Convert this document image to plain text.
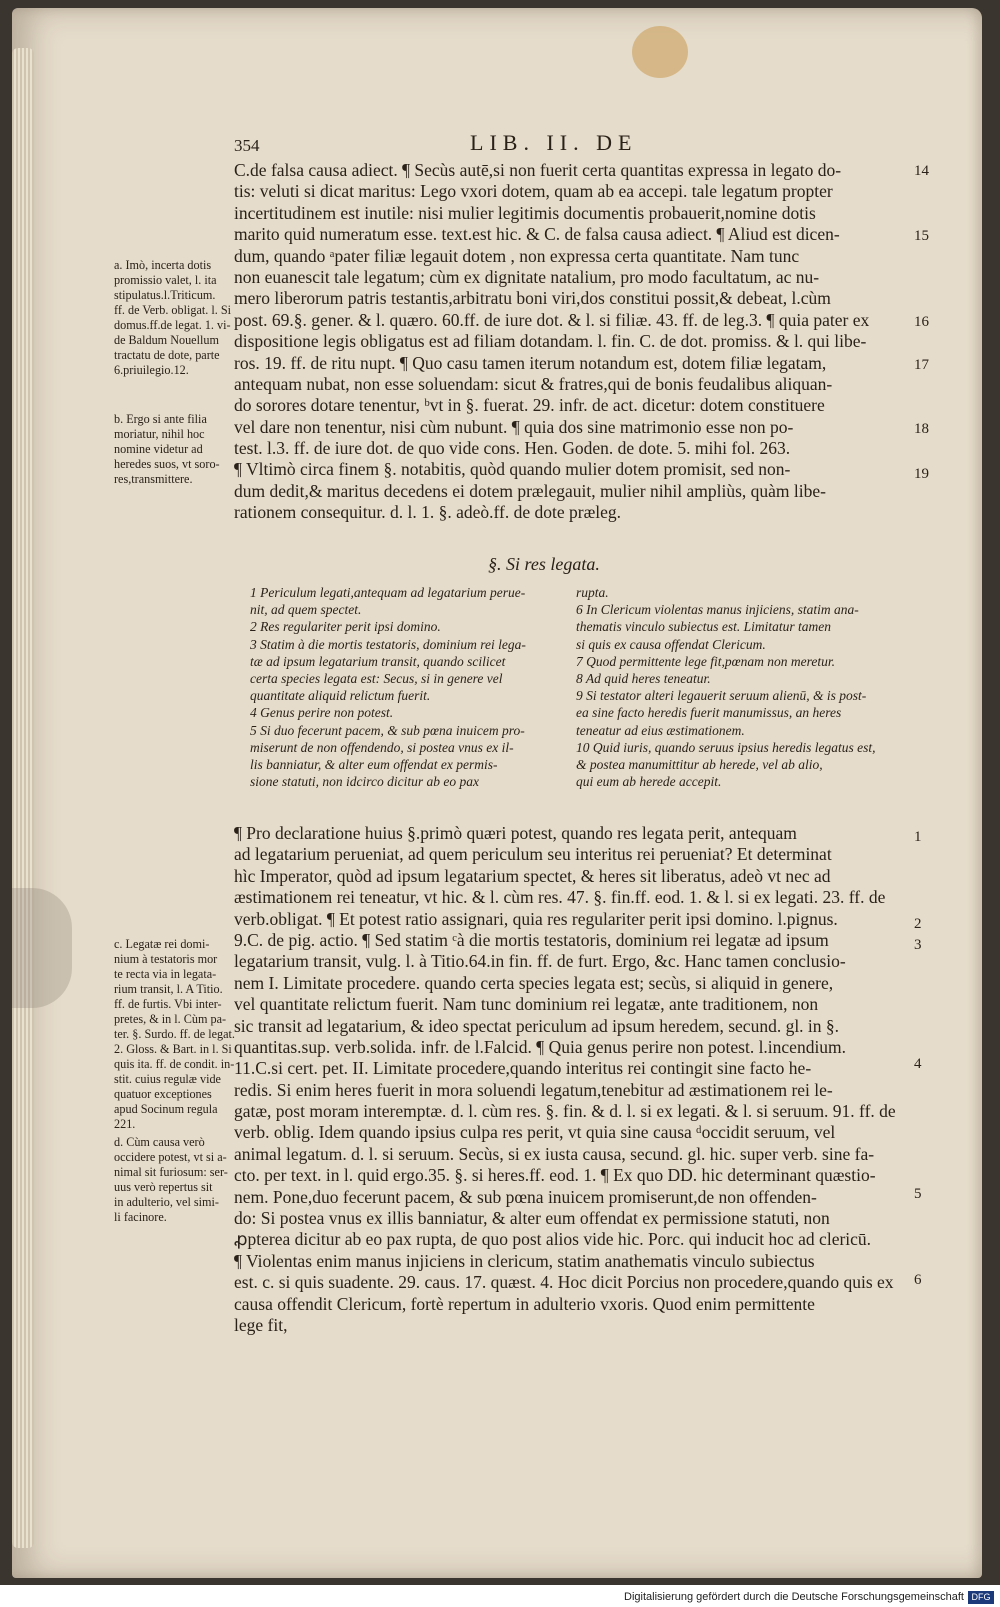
354	LIB. II. DE
C.de falsa causa adiect. ¶ Secùs autē,si non fuerit certa quantitas expressa in legato do-
tis: veluti si dicat maritus: Lego vxori dotem, quam ab ea accepi. tale legatum propter
incertitudinem est inutile: nisi mulier legitimis documentis probauerit,nomine dotis
marito quid numeratum esse. text.est hic. & C. de falsa causa adiect. ¶ Aliud est dicen-
dum, quando ᵃpater filiæ legauit dotem , non expressa certa quantitate. Nam tunc
non euanescit tale legatum; cùm ex dignitate natalium, pro modo facultatum, ac nu-
mero liberorum patris testantis,arbitratu boni viri,dos constitui possit,& debeat, l.cùm
post. 69.§. gener. & l. quæro. 60.ff. de iure dot. & l. si filiæ. 43. ff. de leg.3. ¶ quia pater ex
dispositione legis obligatus est ad filiam dotandam. l. fin. C. de dot. promiss. & l. qui libe-
ros. 19. ff. de ritu nupt. ¶ Quo casu tamen iterum notandum est, dotem filiæ legatam,
antequam nubat, non esse soluendam: sicut & fratres,qui de bonis feudalibus aliquan-
do sorores dotare tenentur, ᵇvt in §. fuerat. 29. infr. de act. dicetur: dotem constituere
vel dare non tenentur, nisi cùm nubunt. ¶ quia dos sine matrimonio esse non po-
test. l.3. ff. de iure dot. de quo vide cons. Hen. Goden. de dote. 5. mihi fol. 263.
¶ Vltimò circa finem §. notabitis, quòd quando mulier dotem promisit, sed non-
dum dedit,& maritus decedens ei dotem prælegauit, mulier nihil ampliùs, quàm libe-
rationem consequitur. d. l. 1. §. adeò.ff. de dote præleg.
a. Imò, incerta dotis
promissio valet, l. ita
stipulatus.l.Triticum.
ff. de Verb. obligat. l. Si
domus.ff.de legat. 1. vi-
de Baldum Nouellum
tractatu de dote, parte
6.priuilegio.12.
b. Ergo si ante filia
moriatur, nihil hoc
nomine videtur ad
heredes suos, vt soro-
res,transmittere.
14
15
16
17
18
19
§. Si res legata.
1 Periculum legati,antequam ad legatarium perue-
nit, ad quem spectet.
2 Res regulariter perit ipsi domino.
3 Statim à die mortis testatoris, dominium rei lega-
tæ ad ipsum legatarium transit, quando scilicet
certa species legata est: Secus, si in genere vel
quantitate aliquid relictum fuerit.
4 Genus perire non potest.
5 Si duo fecerunt pacem, & sub pœna inuicem pro-
miserunt de non offendendo, si postea vnus ex il-
lis banniatur, & alter eum offendat ex permis-
sione statuti, non idcirco dicitur ab eo pax
rupta.
6 In Clericum violentas manus injiciens, statim ana-
thematis vinculo subiectus est. Limitatur tamen
si quis ex causa offendat Clericum.
7 Quod permittente lege fit,pœnam non meretur.
8 Ad quid heres teneatur.
9 Si testator alteri legauerit seruum alienū, & is post-
ea sine facto heredis fuerit manumissus, an heres
teneatur ad eius æstimationem.
10 Quid iuris, quando seruus ipsius heredis legatus est,
& postea manumittitur ab herede, vel ab alio,
qui eum ab herede accepit.
¶ Pro declaratione huius §.primò quæri potest, quando res legata perit, antequam
ad legatarium perueniat, ad quem periculum seu interitus rei perueniat? Et determinat
hìc Imperator, quòd ad ipsum legatarium spectet, & heres sit liberatus, adeò vt nec ad
æstimationem rei teneatur, vt hic. & l. cùm res. 47. §. fin.ff. eod. 1. & l. si ex legati. 23. ff. de
verb.obligat. ¶ Et potest ratio assignari, quia res regulariter perit ipsi domino. l.pignus.
9.C. de pig. actio. ¶ Sed statim ᶜà die mortis testatoris, dominium rei legatæ ad ipsum
legatarium transit, vulg. l. à Titio.64.in fin. ff. de furt. Ergo, &c. Hanc tamen conclusio-
nem I. Limitate procedere. quando certa species legata est; secùs, si aliquid in genere,
vel quantitate relictum fuerit. Nam tunc dominium rei legatæ, ante traditionem, non
sic transit ad legatarium, & ideo spectat periculum ad ipsum heredem, secund. gl. in §.
quantitas.sup. verb.solida. infr. de l.Falcid. ¶ Quia genus perire non potest. l.incendium.
11.C.si cert. pet. II. Limitate procedere,quando interitus rei contingit sine facto he-
redis. Si enim heres fuerit in mora soluendi legatum,tenebitur ad æstimationem rei le-
gatæ, post moram interemptæ. d. l. cùm res. §. fin. & d. l. si ex legati. & l. si seruum. 91. ff. de
verb. oblig. Idem quando ipsius culpa res perit, vt quia sine causa ᵈoccidit seruum, vel
animal legatum. d. l. si seruum. Secùs, si ex iusta causa, secund. gl. hic. super verb. sine fa-
cto. per text. in l. quid ergo.35. §. si heres.ff. eod. 1. ¶ Ex quo DD. hic determinant quæstio-
nem. Pone,duo fecerunt pacem, & sub pœna inuicem promiserunt,de non offenden-
do: Si postea vnus ex illis banniatur, & alter eum offendat ex permissione statuti, non
ꝓpterea dicitur ab eo pax rupta, de quo post alios vide hic. Porc. qui inducit hoc ad clericū.
¶ Violentas enim manus injiciens in clericum, statim anathematis vinculo subiectus
est. c. si quis suadente. 29. caus. 17. quæst. 4. Hoc dicit Porcius non procedere,quando quis ex
causa offendit Clericum, fortè repertum in adulterio vxoris. Quod enim permittente
lege fit,
c. Legatæ rei domi-
nium à testatoris mor
te recta via in legata-
rium transit, l. A Titio.
ff. de furtis. Vbi inter-
pretes, & in l. Cùm pa-
ter. §. Surdo. ff. de legat.
2. Gloss. & Bart. in l. Si
quis ita. ff. de condit. in-
stit. cuius regulæ vide
quatuor exceptiones
apud Socinum regula
221.
d. Cùm causa verò
occidere potest, vt si a-
nimal sit furiosum: ser-
uus verò repertus sit
in adulterio, vel simi-
li facinore.
1
2
3
4
5
6
Digitalisierung gefördert durch die Deutsche Forschungsgemeinschaft DFG
